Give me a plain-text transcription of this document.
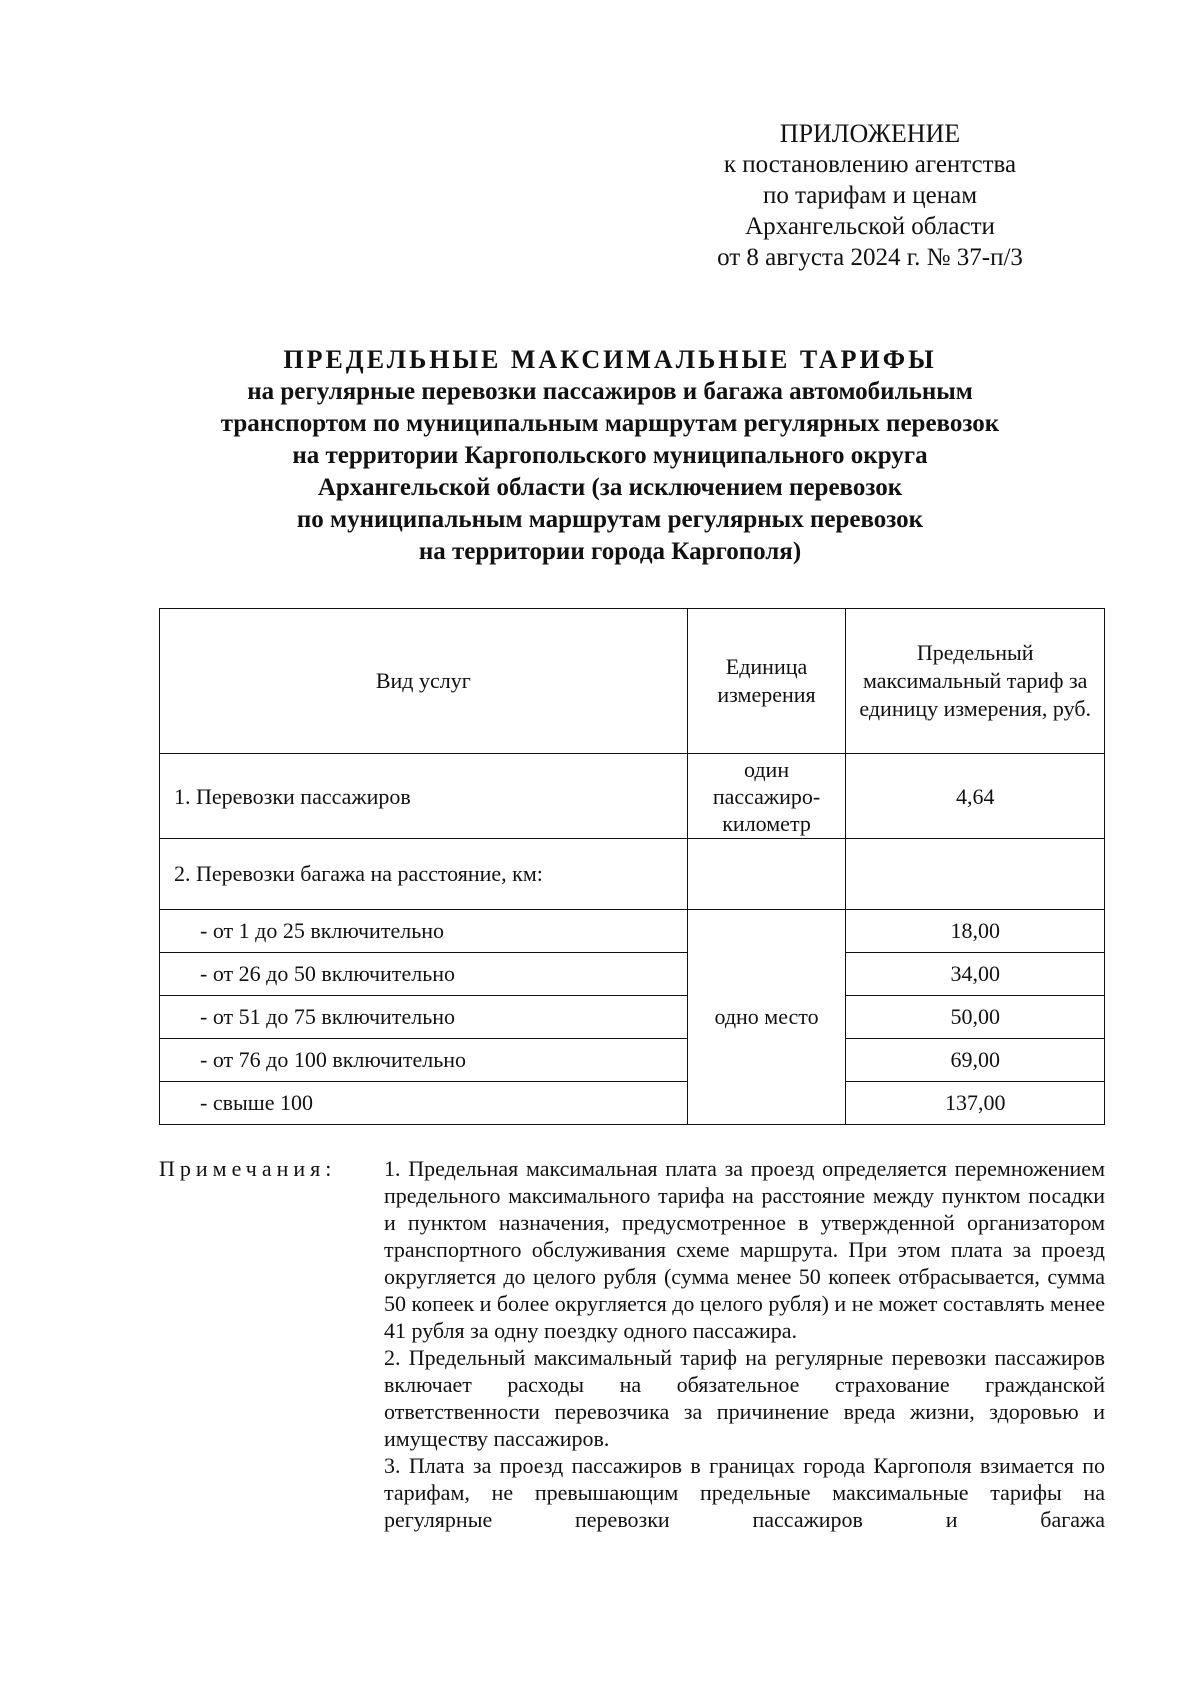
ПРИЛОЖЕНИЕ
к постановлению агентства
по тарифам и ценам
Архангельской области
от 8 августа 2024 г. № 37-п/3
ПРЕДЕЛЬНЫЕ МАКСИМАЛЬНЫЕ ТАРИФЫ
на регулярные перевозки пассажиров и багажа автомобильным
транспортом по муниципальным маршрутам регулярных перевозок
на территории Каргопольского муниципального округа
Архангельской области (за исключением перевозок
по муниципальным маршрутам регулярных перевозок
на территории города Каргополя)
Вид услуг	Единица измерения	Предельный максимальный тариф за единицу измерения, руб.
1. Перевозки пассажиров	один пассажиро-километр	4,64
2. Перевозки багажа на расстояние, км:		
- от 1 до 25 включительно	одно место	18,00
- от 26 до 50 включительно		34,00
- от 51 до 75 включительно		50,00
- от 76 до 100 включительно		69,00
- свыше 100		137,00
Примечания: 1. Предельная максимальная плата за проезд определяется перемножением предельного максимального тарифа на расстояние между пунктом посадки и пунктом назначения, предусмотренное в утвержденной организатором транспортного обслуживания схеме маршрута. При этом плата за проезд округляется до целого рубля (сумма менее 50 копеек отбрасывается, сумма 50 копеек и более округляется до целого рубля) и не может составлять менее 41 рубля за одну поездку одного пассажира.
2. Предельный максимальный тариф на регулярные перевозки пассажиров включает расходы на обязательное страхование гражданской ответственности перевозчика за причинение вреда жизни, здоровью и имуществу пассажиров.
3. Плата за проезд пассажиров в границах города Каргополя взимается по тарифам, не превышающим предельные максимальные тарифы на регулярные перевозки пассажиров и багажа
